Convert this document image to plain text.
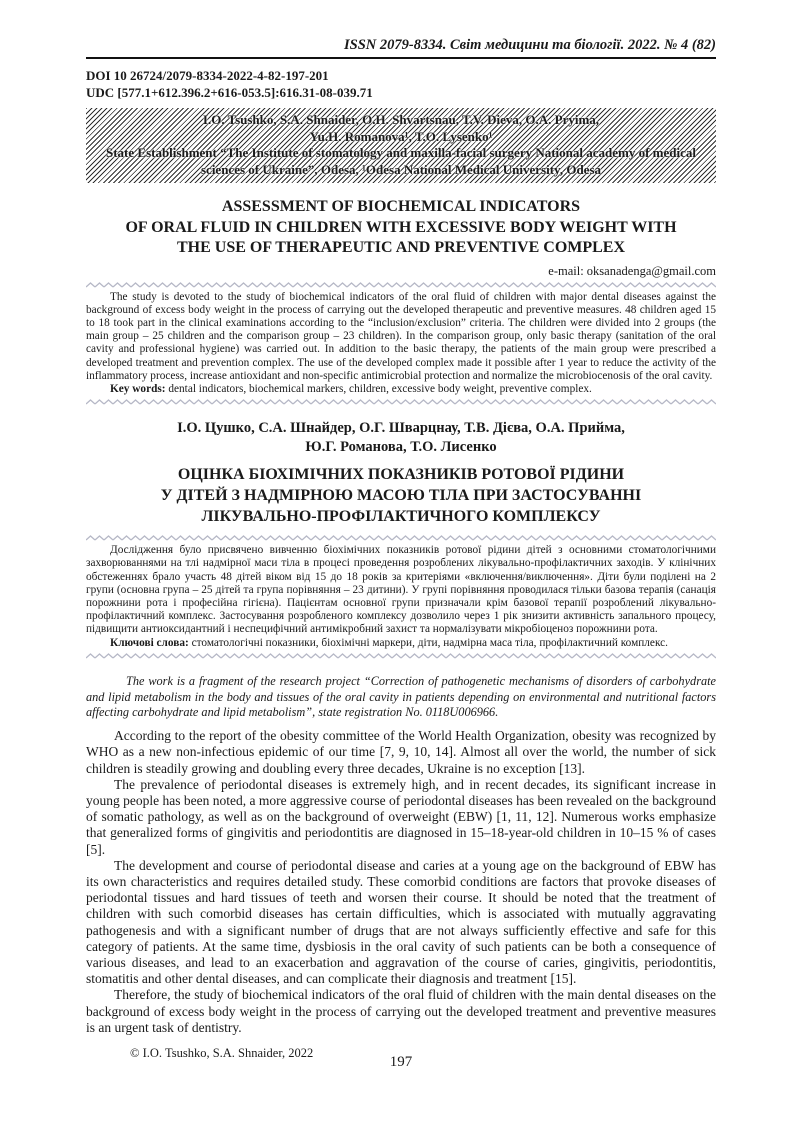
ISSN 2079-8334. Світ медицини та біології. 2022. № 4 (82)
DOI 10 26724/2079-8334-2022-4-82-197-201
UDC [577.1+612.396.2+616-053.5]:616.31-08-039.71
I.O. Tsushko, S.A. Shnaider, O.H. Shvartsnau, T.V. Dieva, O.A. Pryima,
Yu.H. Romanova¹, T.O. Lysenko¹
State Establishment “The Institute of stomatology and maxilla-facial surgery National academy of medical sciences of Ukraine”, Odesa, ¹Odesa National Medical University, Odesa
ASSESSMENT OF BIOCHEMICAL INDICATORS
OF ORAL FLUID IN CHILDREN WITH EXCESSIVE BODY WEIGHT WITH
THE USE OF THERAPEUTIC AND PREVENTIVE COMPLEX
e-mail: oksanadenga@gmail.com

The study is devoted to the study of biochemical indicators of the oral fluid of children with major dental diseases against the background of excess body weight in the process of carrying out the developed therapeutic and preventive measures. 48 children aged 15 to 18 took part in the clinical examinations according to the “inclusion/exclusion” criteria. The children were divided into 2 groups (the main group – 25 children and the comparison group – 23 children). In the comparison group, only basic therapy (sanitation of the oral cavity and professional hygiene) was carried out. In addition to the basic therapy, the patients of the main group were prescribed a developed treatment and prevention complex. The use of the developed complex made it possible after 1 year to reduce the activity of the inflammatory process, increase antioxidant and non-specific antimicrobial protection and normalize the microbiocenosis of the oral cavity.

Key words: dental indicators, biochemical markers, children, excessive body weight, preventive complex.

І.О. Цушко, С.А. Шнайдер, О.Г. Шварцнау, Т.В. Дієва, О.А. Прийма,
Ю.Г. Романова, Т.О. Лисенко
ОЦІНКА БІОХІМІЧНИХ ПОКАЗНИКІВ РОТОВОЇ РІДИНИ
У ДІТЕЙ З НАДМІРНОЮ МАСОЮ ТІЛА ПРИ ЗАСТОСУВАННІ
ЛІКУВАЛЬНО-ПРОФІЛАКТИЧНОГО КОМПЛЕКСУ

Дослідження було присвячено вивченню біохімічних показників ротової рідини дітей з основними стоматологічними захворюваннями на тлі надмірної маси тіла в процесі проведення розроблених лікувально-профілактичних заходів. У клінічних обстеженнях брало участь 48 дітей віком від 15 до 18 років за критеріями «включення/виключення». Діти були поділені на 2 групи (основна група – 25 дітей та група порівняння – 23 дитини). У групі порівняння проводилася тільки базова терапія (санація порожнини рота і професійна гігієна). Пацієнтам основної групи призначали крім базової терапії розроблений лікувально-профілактичний комплекс. Застосування розробленого комплексу дозволило через 1 рік знизити активність запального процесу, підвищити антиоксидантний і неспецифічний антимікробний захист та нормалізувати мікробіоценоз порожнини рота.

Ключові слова: стоматологічні показники, біохімічні маркери, діти, надмірна маса тіла, профілактичний комплекс.

The work is a fragment of the research project “Correction of pathogenetic mechanisms of disorders of carbohydrate and lipid metabolism in the body and tissues of the oral cavity in patients depending on environmental and nutritional factors affecting carbohydrate and lipid metabolism”, state registration No. 0118U006966.

According to the report of the obesity committee of the World Health Organization, obesity was recognized by WHO as a new non-infectious epidemic of our time [7, 9, 10, 14]. Almost all over the world, the number of sick children is steadily growing and doubling every three decades, Ukraine is no exception [13].

The prevalence of periodontal diseases is extremely high, and in recent decades, its significant increase in young people has been noted, a more aggressive course of periodontal diseases has been revealed on the background of somatic pathology, as well as on the background of overweight (EBW) [1, 11, 12]. Numerous works emphasize that generalized forms of gingivitis and periodontitis are diagnosed in 15–18-year-old children in 10–15 % of cases [5].

The development and course of periodontal disease and caries at a young age on the background of EBW has its own characteristics and requires detailed study. These comorbid conditions are factors that provoke diseases of periodontal tissues and hard tissues of teeth and worsen their course. It should be noted that the treatment of children with such comorbid diseases has certain difficulties, which is associated with mutually aggravating pathogenesis and with a significant number of drugs that are not always sufficiently effective and safe for this category of patients. At the same time, dysbiosis in the oral cavity of such patients can be both a consequence of various diseases, and lead to an exacerbation and aggravation of the course of caries, gingivitis, periodontitis, stomatitis and other dental diseases, and can complicate their diagnosis and treatment [15].

Therefore, the study of biochemical indicators of the oral fluid of children with the main dental diseases on the background of excess body weight in the process of carrying out the developed treatment and preventive measures is an urgent task of dentistry.

© I.O. Tsushko, S.A. Shnaider, 2022
197
